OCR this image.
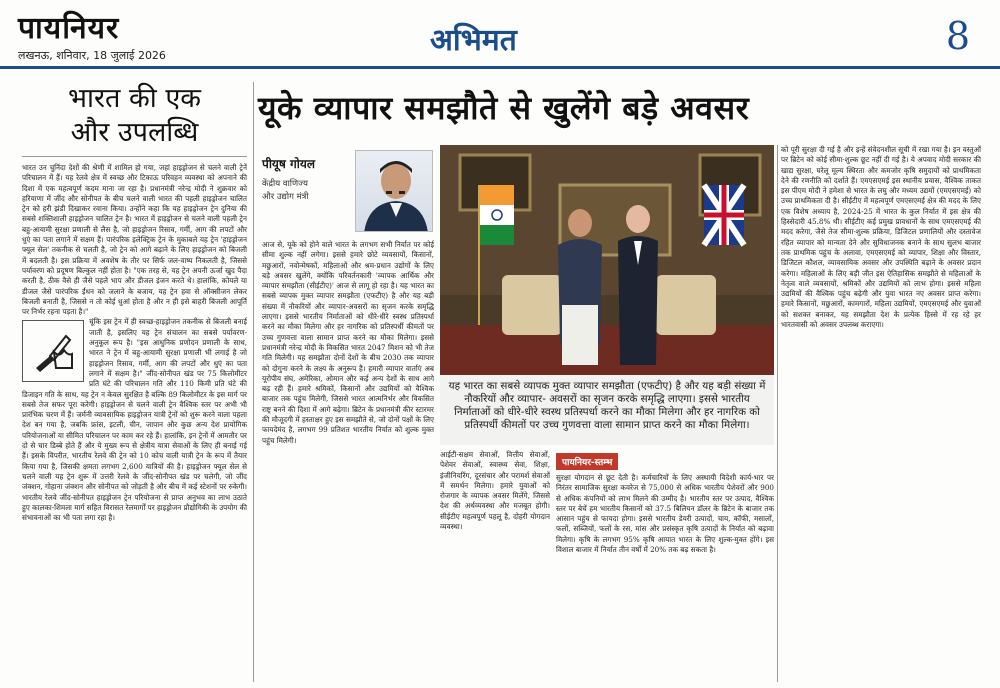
पायनियर
लखनऊ, शनिवार, 18 जुलाई 2026	अभिमत	8
भारत की एक
और उपलब्धि

भारत उन चुनिंदा देशों की श्रेणी में शामिल हो गया, जहां हाइड्रोजन से चलने वाली ट्रेनें परिचालन में हैं। यह रेलवे क्षेत्र में स्वच्छ और टिकाऊ परिवहन व्यवस्था को अपनाने की दिशा में एक महत्वपूर्ण कदम माना जा रहा है। प्रधानमंत्री नरेन्द्र मोदी ने शुक्रवार को हरियाणा में जींद और सोनीपत के बीच चलने वाली भारत की पहली हाइड्रोजन चालित ट्रेन को हरी झंडी दिखाकर रवाना किया। उन्होंने कहा कि यह हाइड्रोजन ट्रेन दुनिया की सबसे शक्तिशाली हाइड्रोजन चालित ट्रेन है। भारत में हाइड्रोजन से चलने वाली पहली ट्रेन बहु-आयामी सुरक्षा प्रणाली से लैस है, जो हाइड्रोजन रिसाव, गर्मी, आग की लपटों और धुएं का पता लगाने में सक्षम हैं। पारंपरिक इलेक्ट्रिक ट्रेन के मुकाबले यह ट्रेन 'हाइड्रोजन फ्यूल सेल' तकनीक से चलती है, जो ट्रेन को आगे बढ़ाने के लिए हाइड्रोजन को बिजली में बदलती है। इस प्रक्रिया में अवशेष के तौर पर सिर्फ जल-वाष्प निकलती है, जिससे पर्यावरण को प्रदूषण बिल्कुल नहीं होता है। "एक तरह से, यह ट्रेन अपनी ऊर्जा खुद पैदा करती है, ठीक वैसे ही जैसे पहले भाप और डीजल इंजन करते थे। हालांकि, कोयले या डीजल जैसे पारंपरिक ईंधन को जलाने के बजाय, यह ट्रेन हवा से ऑक्सीजन लेकर बिजली बनाती है, जिससे न तो कोई धुआं होता है और न ही इसे बाहरी बिजली आपूर्ति पर निर्भर रहना पड़ता है।"

चूंकि इस ट्रेन में ही स्वच्छ-हाइड्रोजन तकनीक से बिजली बनाई जाती है, इसलिए यह ट्रेन संचालन का सबसे पर्यावरण-अनुकूल रूप है। "इस आधुनिक प्रणोदन प्रणाली के साथ, भारत ने ट्रेन में बहु-आयामी सुरक्षा प्रणाली भी लगाई है जो हाइड्रोजन रिसाव, गर्मी, आग की लपटों और धुएं का पता लगाने में सक्षम है।" जींद-सोनीपत खंड पर 75 किलोमीटर प्रति घंटे की परिचालन गति और 110 किमी प्रति घंटे की डिजाइन गति के साथ, यह ट्रेन न केवल सुरक्षित है बल्कि 89 किलोमीटर के इस मार्ग पर सबसे तेज सफर पूरा करेगी। हाइड्रोजन से चलने वाली ट्रेन वैश्विक स्तर पर अभी भी प्रारंभिक चरण में हैं। जर्मनी व्यावसायिक हाइड्रोजन यात्री ट्रेनों को शुरू करने वाला पहला देश बन गया है, जबकि फ्रांस, इटली, चीन, जापान और कुछ अन्य देश प्रायोगिक परियोजनाओं या सीमित परिचालन पर काम कर रहे हैं। हालांकि, इन ट्रेनों में आमतौर पर दो से चार डिब्बे होते हैं और ये मुख्य रूप से क्षेत्रीय यात्रा सेवाओं के लिए ही बनाई गई हैं। इसके विपरीत, भारतीय रेलवे की ट्रेन को 10 कोच वाली यात्री ट्रेन के रूप में तैयार किया गया है, जिसकी क्षमता लगभग 2,600 यात्रियों की है। हाइड्रोजन फ्यूल सेल से चलने वाली यह ट्रेन शुरू में उत्तरी रेलवे के जींद-सोनीपत खंड पर चलेगी, जो जींद जंक्शन, गोहाना जंक्शन और सोनीपत को जोड़ती है और बीच में कई स्टेशनों पर रुकेगी। भारतीय रेलवे जींद-सोनीपत हाइड्रोजन ट्रेन परियोजना से प्राप्त अनुभव का लाभ उठाते हुए कालका-शिमला मार्ग सहित विरासत रेलमार्गों पर हाइड्रोजन प्रौद्योगिकी के उपयोग की संभावनाओं का भी पता लगा रहा है।
यूके व्यापार समझौते से खुलेंगे बड़े अवसर
पीयूष गोयल
केंद्रीय वाणिज्य
और उद्योग मंत्री
आज से, यूके को होने वाले भारत के लगभग सभी निर्यात पर कोई सीमा शुल्क नहीं लगेगा। इससे हमारे छोटे व्यवसायों, किसानों, मछुआरों, नवोन्मेषकों, महिलाओं और श्रम-प्रधान उद्योगों के लिए बड़े अवसर खुलेंगे, क्योंकि परिवर्तनकारी 'व्यापक आर्थिक और व्यापार समझौता (सीईटीए)' आज से लागू हो रहा है। यह भारत का सबसे व्यापक मुक्त व्यापार समझौता (एफटीए) है और यह बड़ी संख्या में नौकरियों और व्यापार-अवसरों का सृजन करके समृद्धि लाएगा। इससे भारतीय निर्माताओं को धीरे-धीरे स्वस्थ प्रतिस्पर्धा करने का मौका मिलेगा और हर नागरिक को प्रतिस्पर्धी कीमतों पर उच्च गुणवत्ता वाला सामान प्राप्त करने का मौका मिलेगा। इससे प्रधानमंत्री नरेन्द्र मोदी के विकसित भारत 2047 मिशन को भी तेज गति मिलेगी। यह समझौता दोनों देशों के बीच 2030 तक व्यापार को दोगुना करने के लक्ष्य के अनुरूप है। हमारी व्यापार वार्ताएं अब यूरोपीय संघ, अमेरिका, ओमान और कई अन्य देशों के साथ आगे बढ़ रही हैं। हमारे श्रमिकों, किसानों और उद्यमियों को वैश्विक बाजार तक पहुंच मिलेगी, जिससे भारत आत्मनिर्भर और विकसित राष्ट्र बनने की दिशा में आगे बढ़ेगा। ब्रिटेन के प्रधानमंत्री कीर स्टारमर की मौजूदगी में हस्ताक्षर हुए इस समझौते से, जो दोनों पक्षों के लिए फायदेमंद है, लगभग 99 प्रतिशत भारतीय निर्यात को शुल्क मुक्त पहुंच मिलेगी।
यह भारत का सबसे व्यापक मुक्त व्यापार समझौता (एफटीए) है और यह बड़ी संख्या में नौकरियों और व्यापार- अवसरों का सृजन करके समृद्धि लाएगा। इससे भारतीय निर्माताओं को धीरे-धीरे स्वस्थ प्रतिस्पर्धा करने का मौका मिलेगा और हर नागरिक को प्रतिस्पर्धी कीमतों पर उच्च गुणवत्ता वाला सामान प्राप्त करने का मौका मिलेगा।
आईटी-सक्षम सेवाओं, वित्तीय सेवाओं, पेशेवर सेवाओं, स्वास्थ्य सेवा, शिक्षा, इंजीनियरिंग, दूरसंचार और परामर्श सेवाओं में समर्थन मिलेगा। हमारे युवाओं को रोजगार के व्यापक अवसर मिलेंगे, जिससे देश की अर्थव्यवस्था और मजबूत होगी। सीईटीए महत्वपूर्ण पहलू है, दोहरी योगदान व्यवस्था।
पायनियर-स्तम्भ
सुरक्षा योगदान से छूट देती है। कर्मचारियों के लिए अस्थायी विदेशी कार्य-भार पर निरंतर सामाजिक सुरक्षा कवरेज से 75,000 से अधिक भारतीय पेशेवरों और 900 से अधिक कंपनियों को लाभ मिलने की उम्मीद है। भारतीय स्तर पर उत्पाद, वैश्विक स्तर पर बेचें हम भारतीय किसानों को 37.5 बिलियन डॉलर के ब्रिटेन के बाजार तक आसान पहुंच से फायदा होगा। इससे भारतीय डेयरी उत्पादों, चाय, कॉफी, मसालों, फलों, सब्जियों, फलों के रस, मांस और प्रसंस्कृत कृषि उत्पादों के निर्यात को बढ़ावा मिलेगा। कृषि के लगभग 95% कृषि आयात भारत के लिए शुल्क-मुक्त होंगे। इस विशाल बाजार में निर्यात तीन वर्षों में 20% तक बढ़ सकता है।
को पूरी सुरक्षा दी गई है और इन्हें संवेदनशील सूची में रखा गया है। इन वस्तुओं पर ब्रिटेन को कोई सीमा-शुल्क छूट नहीं दी गई है। ये अपवाद मोदी सरकार की खाद्य सुरक्षा, घरेलू मूल्य स्थिरता और कमजोर कृषि समुदायों को प्राथमिकता देने की रणनीति को दर्शाते हैं। एमएसएमई इस स्थानीय प्रयास, वैश्विक ताकत इस पीएम मोदी ने हमेशा से भारत के लघु और मध्यम उद्यमों (एमएसएमई) को उच्च प्राथमिकता दी है। सीईटीए में महत्वपूर्ण एमएसएमई क्षेत्र की मदद के लिए एक विशेष अध्याय है, 2024-25 में भारत के कुल निर्यात में इस क्षेत्र की हिस्सेदारी 45.8% थी। सीईटीए कई प्रमुख प्रावधानों के साथ एमएसएमई की मदद करेगा, जैसे तेज सीमा-शुल्क प्रक्रिया, डिजिटल प्रणालियों और दस्तावेज रहित व्यापार को मान्यता देने और सुविधाजनक बनाने के साथ सुलभ बाजार तक प्राथमिक पहुंच के अलावा, एमएसएमई को व्यापार, शिक्षा और विस्तार, डिजिटल कौशल, व्यावसायिक अवसर और उपस्थिति बढ़ाने के अवसर प्रदान करेगा। महिलाओं के लिए बड़ी जीत इस ऐतिहासिक समझौते से महिलाओं के नेतृत्व वाले व्यवसायों, श्रमिकों और उद्यमियों को लाभ होगा। इससे महिला उद्यमियों की वैश्विक पहुंच बढ़ेगी और युवा भारत नए अवसर प्राप्त करेगा। हमारे किसानों, मछुआरों, कामगारों, महिला उद्यमियों, एमएसएमई और युवाओं को सशक्त बनाकर, यह समझौता देश के प्रत्येक हिस्से में रह रहे हर भारतवासी को अवसर उपलब्ध कराएगा।
